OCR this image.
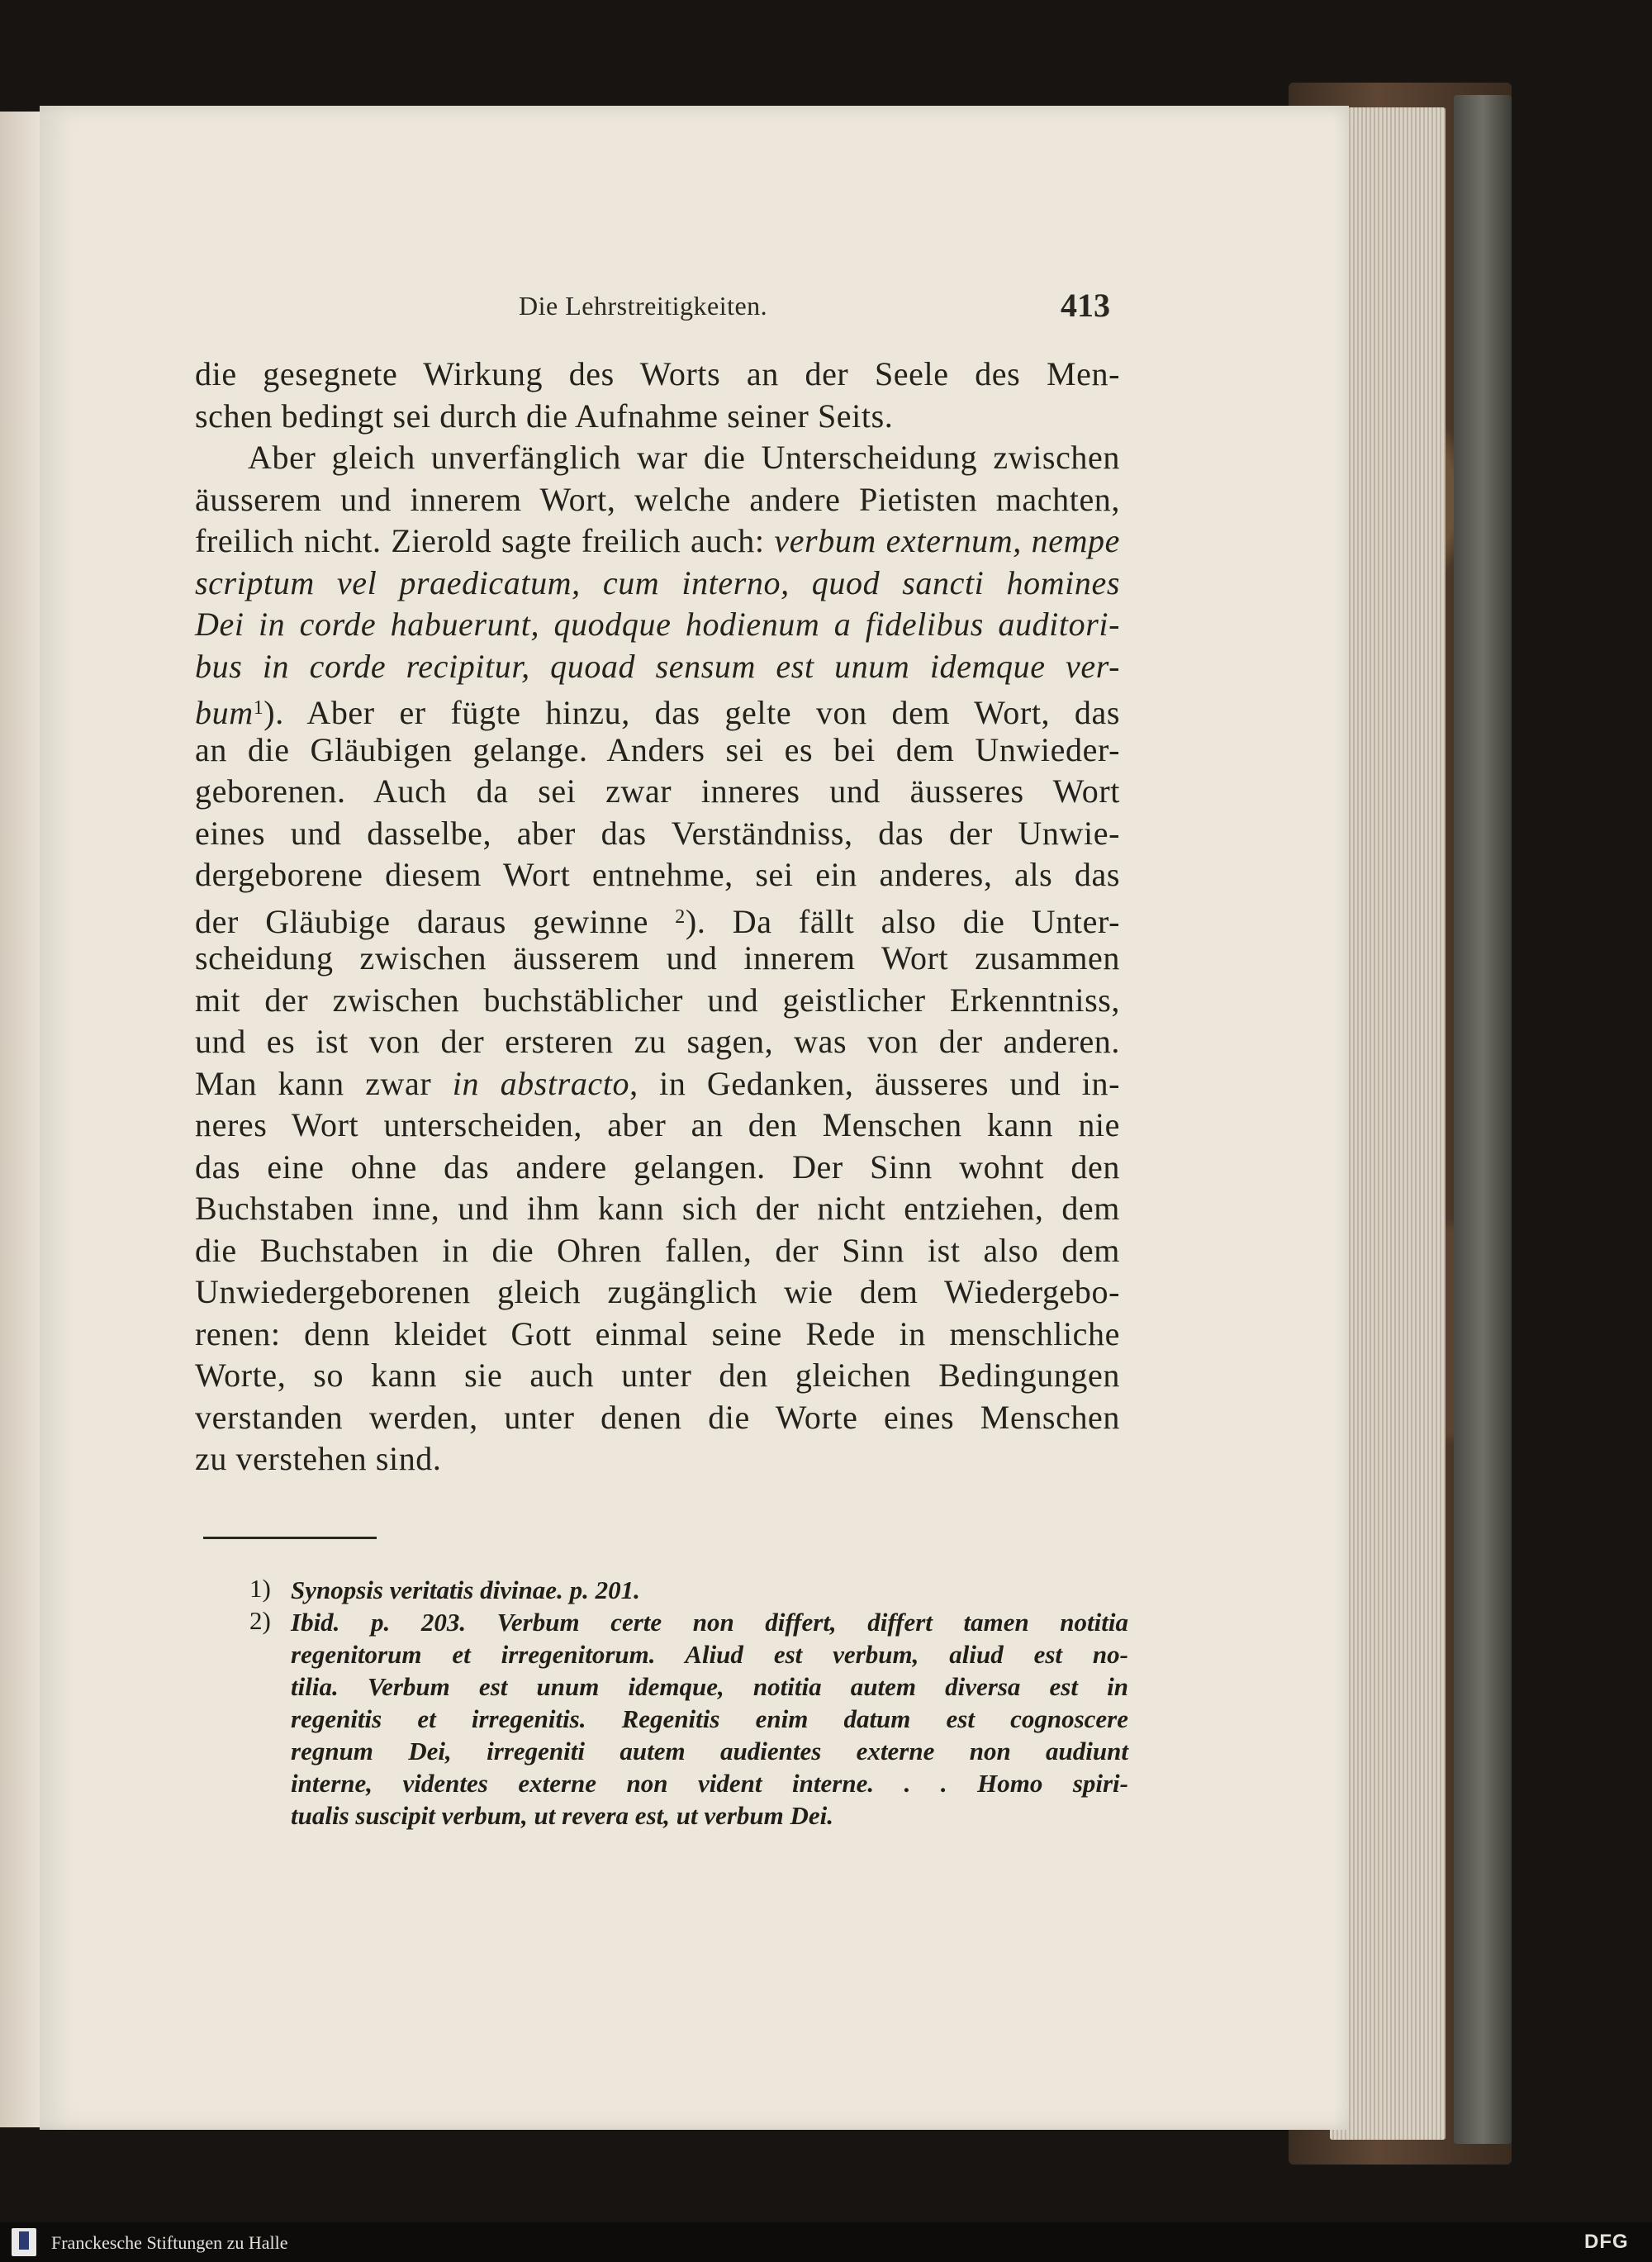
Die Lehrstreitigkeiten.	413
die gesegnete Wirkung des Worts an der Seele des Men-
schen bedingt sei durch die Aufnahme seiner Seits.
Aber gleich unverfänglich war die Unterscheidung zwischen
äusserem und innerem Wort, welche andere Pietisten machten,
freilich nicht. Zierold sagte freilich auch: verbum externum, nempe
scriptum vel praedicatum, cum interno, quod sancti homines
Dei in corde habuerunt, quodque hodienum a fidelibus auditori-
bus in corde recipitur, quoad sensum est unum idemque ver-
bum$^1$). Aber er fügte hinzu, das gelte von dem Wort, das
an die Gläubigen gelange. Anders sei es bei dem Unwieder-
geborenen. Auch da sei zwar inneres und äusseres Wort
eines und dasselbe, aber das Verständniss, das der Unwie-
dergeborene diesem Wort entnehme, sei ein anderes, als das
der Gläubige daraus gewinne $^2$). Da fällt also die Unter-
scheidung zwischen äusserem und innerem Wort zusammen
mit der zwischen buchstäblicher und geistlicher Erkenntniss,
und es ist von der ersteren zu sagen, was von der anderen.
Man kann zwar in abstracto, in Gedanken, äusseres und in-
neres Wort unterscheiden, aber an den Menschen kann nie
das eine ohne das andere gelangen. Der Sinn wohnt den
Buchstaben inne, und ihm kann sich der nicht entziehen, dem
die Buchstaben in die Ohren fallen, der Sinn ist also dem
Unwiedergeborenen gleich zugänglich wie dem Wiedergebo-
renen: denn kleidet Gott einmal seine Rede in menschliche
Worte, so kann sie auch unter den gleichen Bedingungen
verstanden werden, unter denen die Worte eines Menschen
zu verstehen sind.
1)
2)
Synopsis veritatis divinae. p. 201.
Ibid. p. 203. Verbum certe non differt, differt tamen notitia
regenitorum et irregenitorum. Aliud est verbum, aliud est no-
tilia. Verbum est unum idemque, notitia autem diversa est in
regenitis et irregenitis. Regenitis enim datum est cognoscere
regnum Dei, irregeniti autem audientes externe non audiunt
interne, videntes externe non vident interne. . . Homo spiri-
tualis suscipit verbum, ut revera est, ut verbum Dei.
Franckesche Stiftungen zu Halle	DFG
